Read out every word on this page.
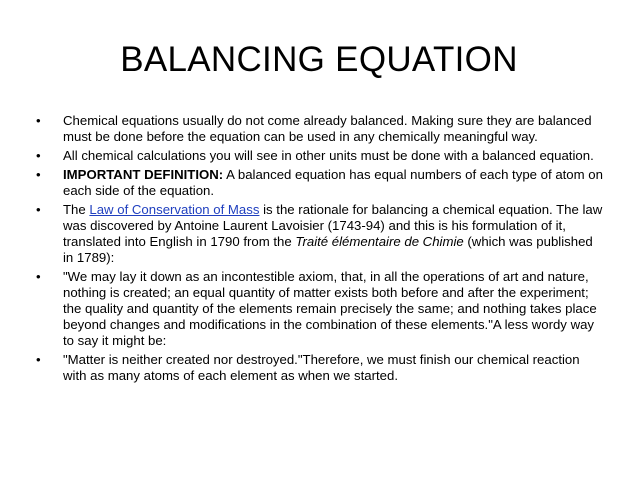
BALANCING EQUATION
• Chemical equations usually do not come already balanced. Making sure they are balanced must be done before the equation can be used in any chemically meaningful way.
• All chemical calculations you will see in other units must be done with a balanced equation.
• IMPORTANT DEFINITION: A balanced equation has equal numbers of each type of atom on each side of the equation.
• The Law of Conservation of Mass is the rationale for balancing a chemical equation. The law was discovered by Antoine Laurent Lavoisier (1743-94) and this is his formulation of it, translated into English in 1790 from the Traité élémentaire de Chimie (which was published in 1789):
• "We may lay it down as an incontestible axiom, that, in all the operations of art and nature, nothing is created; an equal quantity of matter exists both before and after the experiment; the quality and quantity of the elements remain precisely the same; and nothing takes place beyond changes and modifications in the combination of these elements."A less wordy way to say it might be:
• "Matter is neither created nor destroyed."Therefore, we must finish our chemical reaction with as many atoms of each element as when we started.
